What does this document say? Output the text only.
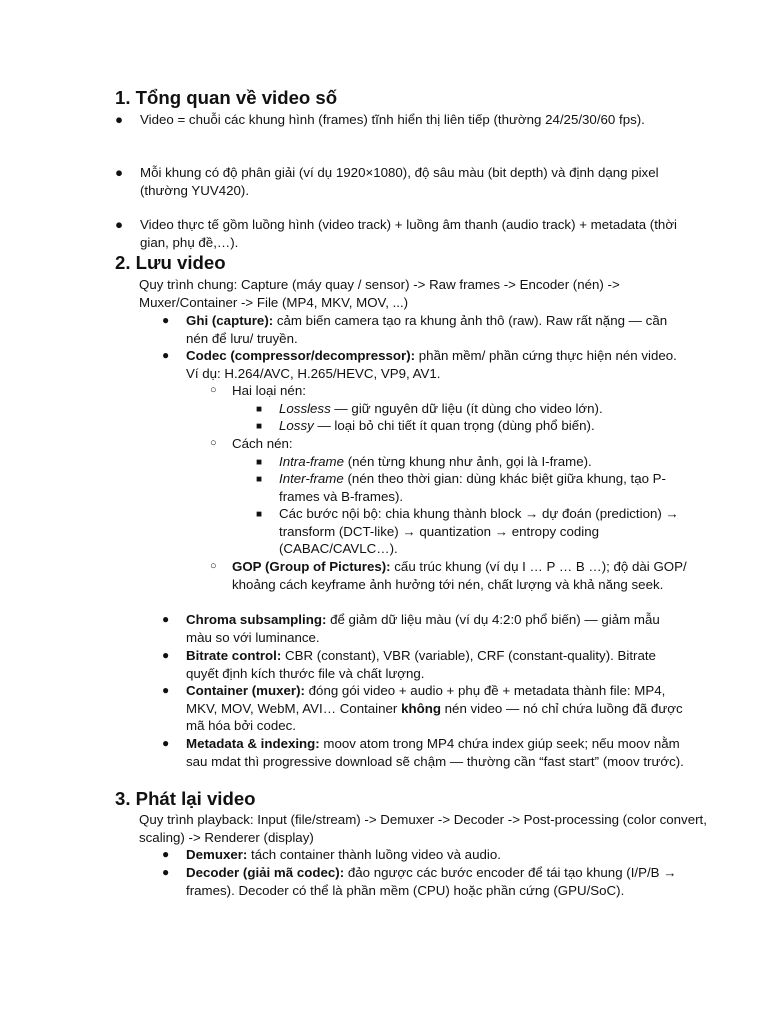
1. Tổng quan về video số
● Video = chuỗi các khung hình (frames) tĩnh hiển thị liên tiếp (thường 24/25/30/60 fps).
● Mỗi khung có độ phân giải (ví dụ 1920×1080), độ sâu màu (bit depth) và định dạng pixel (thường YUV420).
● Video thực tế gồm luồng hình (video track) + luồng âm thanh (audio track) + metadata (thời gian, phụ đề,…).
2. Lưu video

Quy trình chung: Capture (máy quay / sensor) -> Raw frames -> Encoder (nén) -> Muxer/Container -> File (MP4, MKV, MOV, ...)

● Ghi (capture): cảm biến camera tạo ra khung ảnh thô (raw). Raw rất nặng — cần nén để lưu/ truyền.
● Codec (compressor/decompressor): phần mềm/ phần cứng thực hiện nén video. Ví dụ: H.264/AVC, H.265/HEVC, VP9, AV1.
○ Hai loại nén:
■ Lossless — giữ nguyên dữ liệu (ít dùng cho video lớn).
■ Lossy — loại bỏ chi tiết ít quan trọng (dùng phổ biến).
○ Cách nén:
■ Intra-frame (nén từng khung như ảnh, gọi là I-frame).
■ Inter-frame (nén theo thời gian: dùng khác biệt giữa khung, tạo P-frames và B-frames).
■ Các bước nội bộ: chia khung thành block → dự đoán (prediction) → transform (DCT-like) → quantization → entropy coding (CABAC/CAVLC…).
○ GOP (Group of Pictures): cấu trúc khung (ví dụ I … P … B …); độ dài GOP/ khoảng cách keyframe ảnh hưởng tới nén, chất lượng và khả năng seek.
● Chroma subsampling: để giảm dữ liệu màu (ví dụ 4:2:0 phổ biến) — giảm mẫu màu so với luminance.
● Bitrate control: CBR (constant), VBR (variable), CRF (constant-quality). Bitrate quyết định kích thước file và chất lượng.
● Container (muxer): đóng gói video + audio + phụ đề + metadata thành file: MP4, MKV, MOV, WebM, AVI… Container không nén video — nó chỉ chứa luồng đã được mã hóa bởi codec.
● Metadata & indexing: moov atom trong MP4 chứa index giúp seek; nếu moov nằm sau mdat thì progressive download sẽ chậm — thường cần “fast start” (moov trước).
3. Phát lại video

Quy trình playback: Input (file/stream) -> Demuxer -> Decoder -> Post-processing (color convert, scaling) -> Renderer (display)

● Demuxer: tách container thành luồng video và audio.
● Decoder (giải mã codec): đảo ngược các bước encoder để tái tạo khung (I/P/B → frames). Decoder có thể là phần mềm (CPU) hoặc phần cứng (GPU/SoC).
